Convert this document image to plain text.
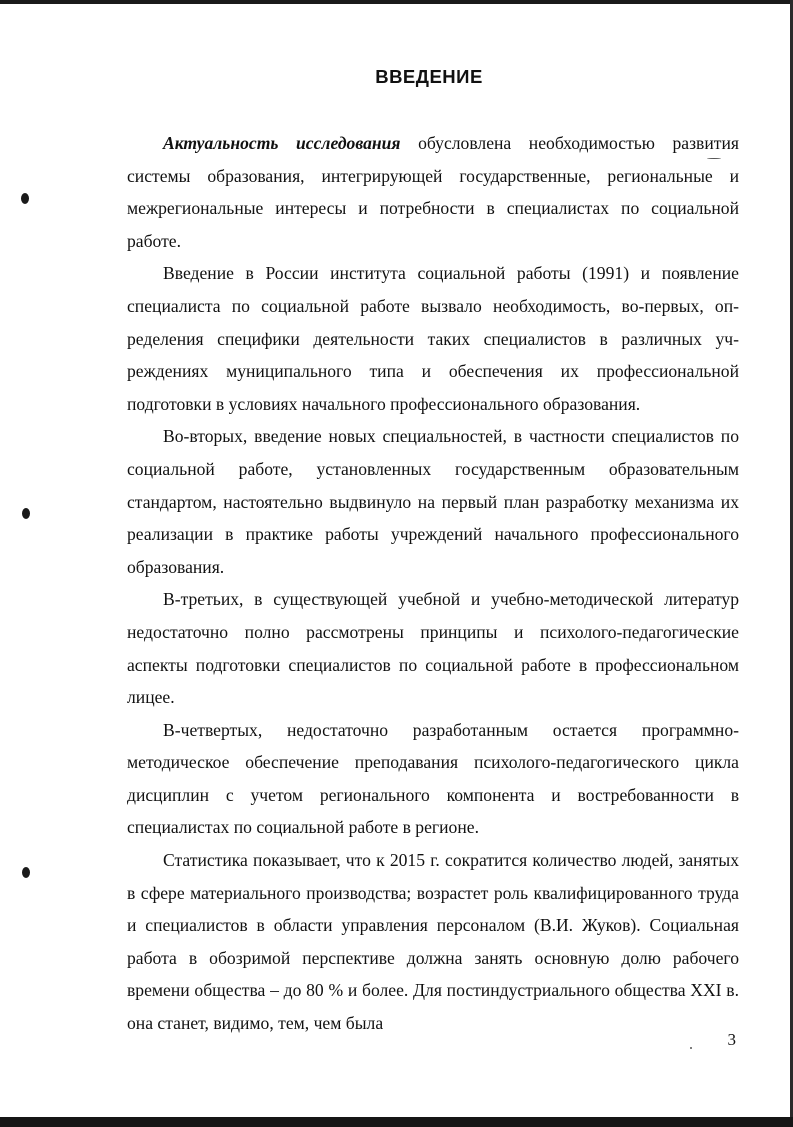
ВВЕДЕНИЕ

Актуальность исследования обусловлена необходимостью развития системы образования, интегрирующей государственные, региональные и межрегиональные интересы и потребности в специалистах по социальной работе.

Введение в России института социальной работы (1991) и появление специалиста по социальной работе вызвало необходимость, во-первых, определения специфики деятельности таких специалистов в различных учреждениях муниципального типа и обеспечения их профессиональной подготовки в условиях начального профессионального образования.

Во-вторых, введение новых специальностей, в частности специалистов по социальной работе, установленных государственным образовательным стандартом, настоятельно выдвинуло на первый план разработку механизма их реализации в практике работы учреждений начального профессионального образования.

В-третьих, в существующей учебной и учебно-методической литератур недостаточно полно рассмотрены принципы и психолого-педагогические аспекты подготовки специалистов по социальной работе в профессиональном лицее.

В-четвертых, недостаточно разработанным остается программно-методическое обеспечение преподавания психолого-педагогического цикла дисциплин с учетом регионального компонента и востребованности в специалистах по социальной работе в регионе.

Статистика показывает, что к 2015 г. сократится количество людей, занятых в сфере материального производства; возрастет роль квалифицированного труда и специалистов в области управления персоналом (В.И. Жуков). Социальная работа в обозримой перспективе должна занять основную долю рабочего времени общества – до 80 % и более. Для постиндустриального общества XXI в. она станет, видимо, тем, чем была

3
